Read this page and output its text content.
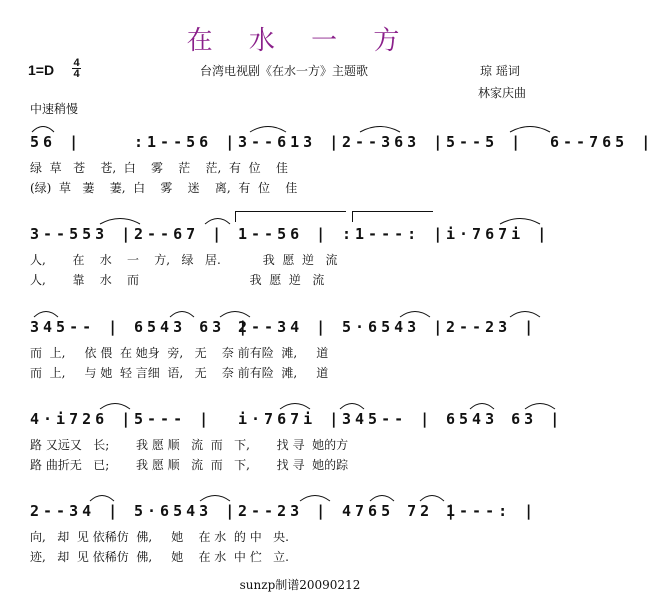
在 水 一 方
1=D 4
4	台湾电视剧《在水一方》主题歌	琼 瑶词
林家庆曲
中速稍慢
56 |	:1--56 |3--613 |2--363 |5--5 | 6--765 |
绿  草   苍    苍,  白    雾    茫    茫,  有  位    佳
(绿)  草   萋    萋,  白    雾    迷    离,  有  位    佳
3--553 |2--67 | 1--56 | :1---: |i·767i |
人,       在    水    一    方,   绿   居.           我  愿  逆   流
人,       靠    水    而                             我  愿  逆   流
345-- | 6543 63 |2--34 | 5·6543 |2--23 |
而  上,     依 偎  在 她身  旁,   无    奈 前有险  滩,     道
而  上,     与 她  轻 言细  语,   无    奈 前有险  滩,     道
4·i726 |5--- | i·767i |345-- | 6543 63 |
路 又远又   长;       我 愿 顺   流  而   下,       找 寻  她的方
路 曲折无   已;       我 愿 顺   流  而   下,       找 寻  她的踪
2--34 | 5·6543 |2--23 | 4765 72 |1---: |
向,   却  见 依稀仿  佛,     她    在 水  的 中   央.
迹,   却  见 依稀仿  佛,     她    在 水  中 伫   立.
sunzp制谱20090212
